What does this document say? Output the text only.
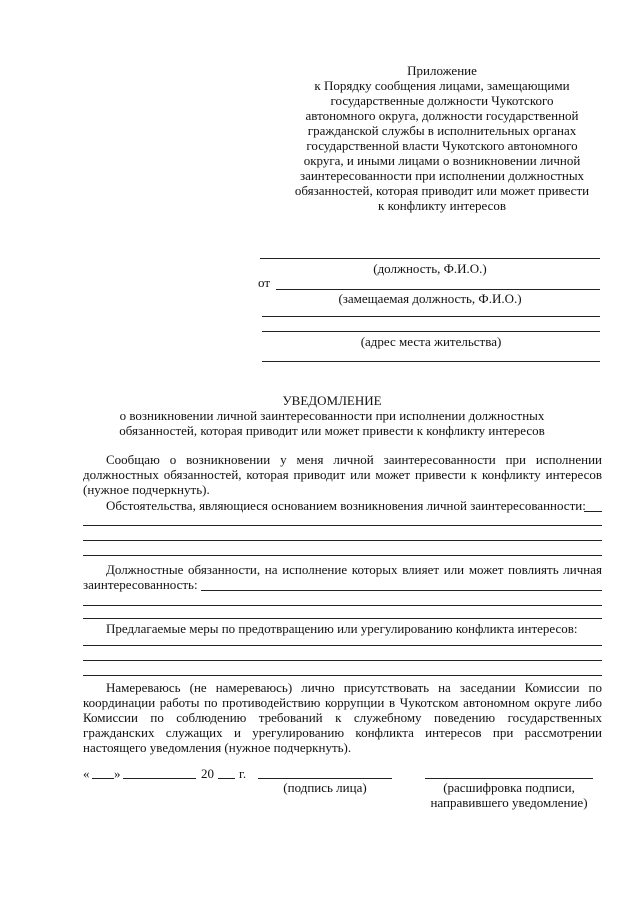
Приложение
к Порядку сообщения лицами, замещающими
государственные должности Чукотского
автономного округа, должности государственной
гражданской службы в исполнительных органах
государственной власти Чукотского автономного
округа, и иными лицами о возникновении личной
заинтересованности при исполнении должностных
обязанностей, которая приводит или может привести
к конфликту интересов
(должность, Ф.И.О.)
от
(замещаемая должность, Ф.И.О.)
(адрес места жительства)
УВЕДОМЛЕНИЕ
о возникновении личной заинтересованности при исполнении должностных
обязанностей, которая приводит или может привести к конфликту интересов
Сообщаю о возникновении у меня личной заинтересованности при исполнении
должностных обязанностей, которая приводит или может привести к конфликту интересов
(нужное подчеркнуть).
Обстоятельства, являющиеся основанием возникновения личной заинтересованности:
Должностные обязанности, на исполнение которых влияет или может повлиять личная
заинтересованность:
Предлагаемые меры по предотвращению или урегулированию конфликта интересов:
Намереваюсь (не намереваюсь) лично присутствовать на заседании Комиссии по
координации работы по противодействию коррупции в Чукотском автономном округе либо
Комиссии по соблюдению требований к служебному поведению государственных
гражданских служащих и урегулированию конфликта интересов при рассмотрении
настоящего уведомления (нужное подчеркнуть).
« »	20 г.
(подпись лица)	(расшифровка подписи,
направившего уведомление)
